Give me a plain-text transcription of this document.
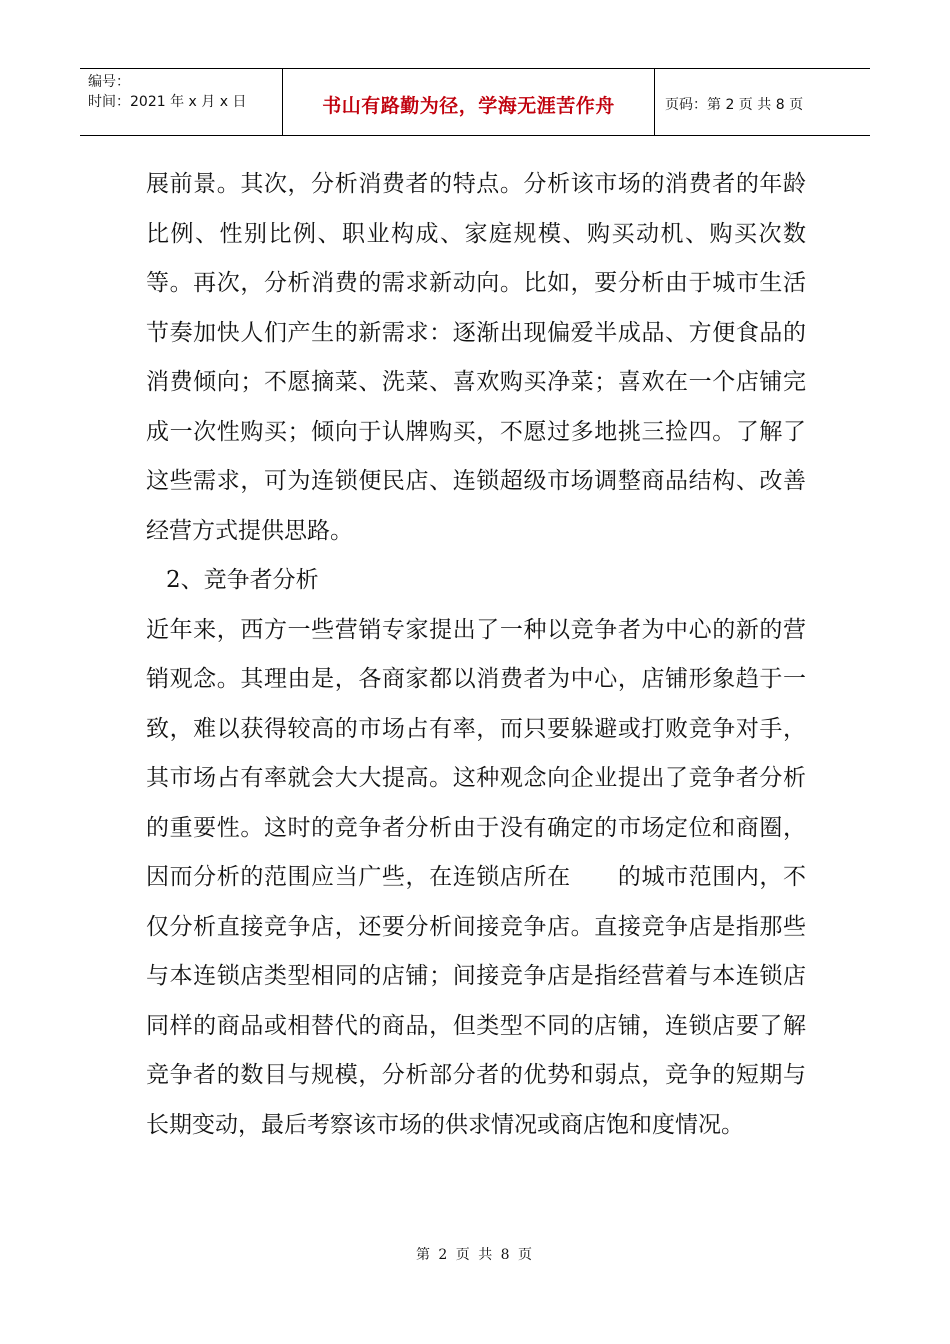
编号：
时间：2021 年 x 月 x 日	书山有路勤为径，学海无涯苦作舟	页码：第 2 页 共 8 页

展前景。其次，分析消费者的特点。分析该市场的消费者的年龄比例、性别比例、职业构成、家庭规模、购买动机、购买次数等。再次，分析消费的需求新动向。比如，要分析由于城市生活节奏加快人们产生的新需求：逐渐出现偏爱半成品、方便食品的消费倾向；不愿摘菜、洗菜、喜欢购买净菜；喜欢在一个店铺完成一次性购买；倾向于认牌购买，不愿过多地挑三捡四。了解了这些需求，可为连锁便民店、连锁超级市场调整商品结构、改善经营方式提供思路。

2、竞争者分析

近年来，西方一些营销专家提出了一种以竞争者为中心的新的营销观念。其理由是，各商家都以消费者为中心，店铺形象趋于一致，难以获得较高的市场占有率，而只要躲避或打败竞争对手，其市场占有率就会大大提高。这种观念向企业提出了竞争者分析的重要性。这时的竞争者分析由于没有确定的市场定位和商圈，因而分析的范围应当广些，在连锁店所在　　的城市范围内，不仅分析直接竞争店，还要分析间接竞争店。直接竞争店是指那些与本连锁店类型相同的店铺；间接竞争店是指经营着与本连锁店同样的商品或相替代的商品，但类型不同的店铺，连锁店要了解竞争者的数目与规模，分析部分者的优势和弱点，竞争的短期与长期变动，最后考察该市场的供求情况或商店饱和度情况。

第 2 页 共 8 页
